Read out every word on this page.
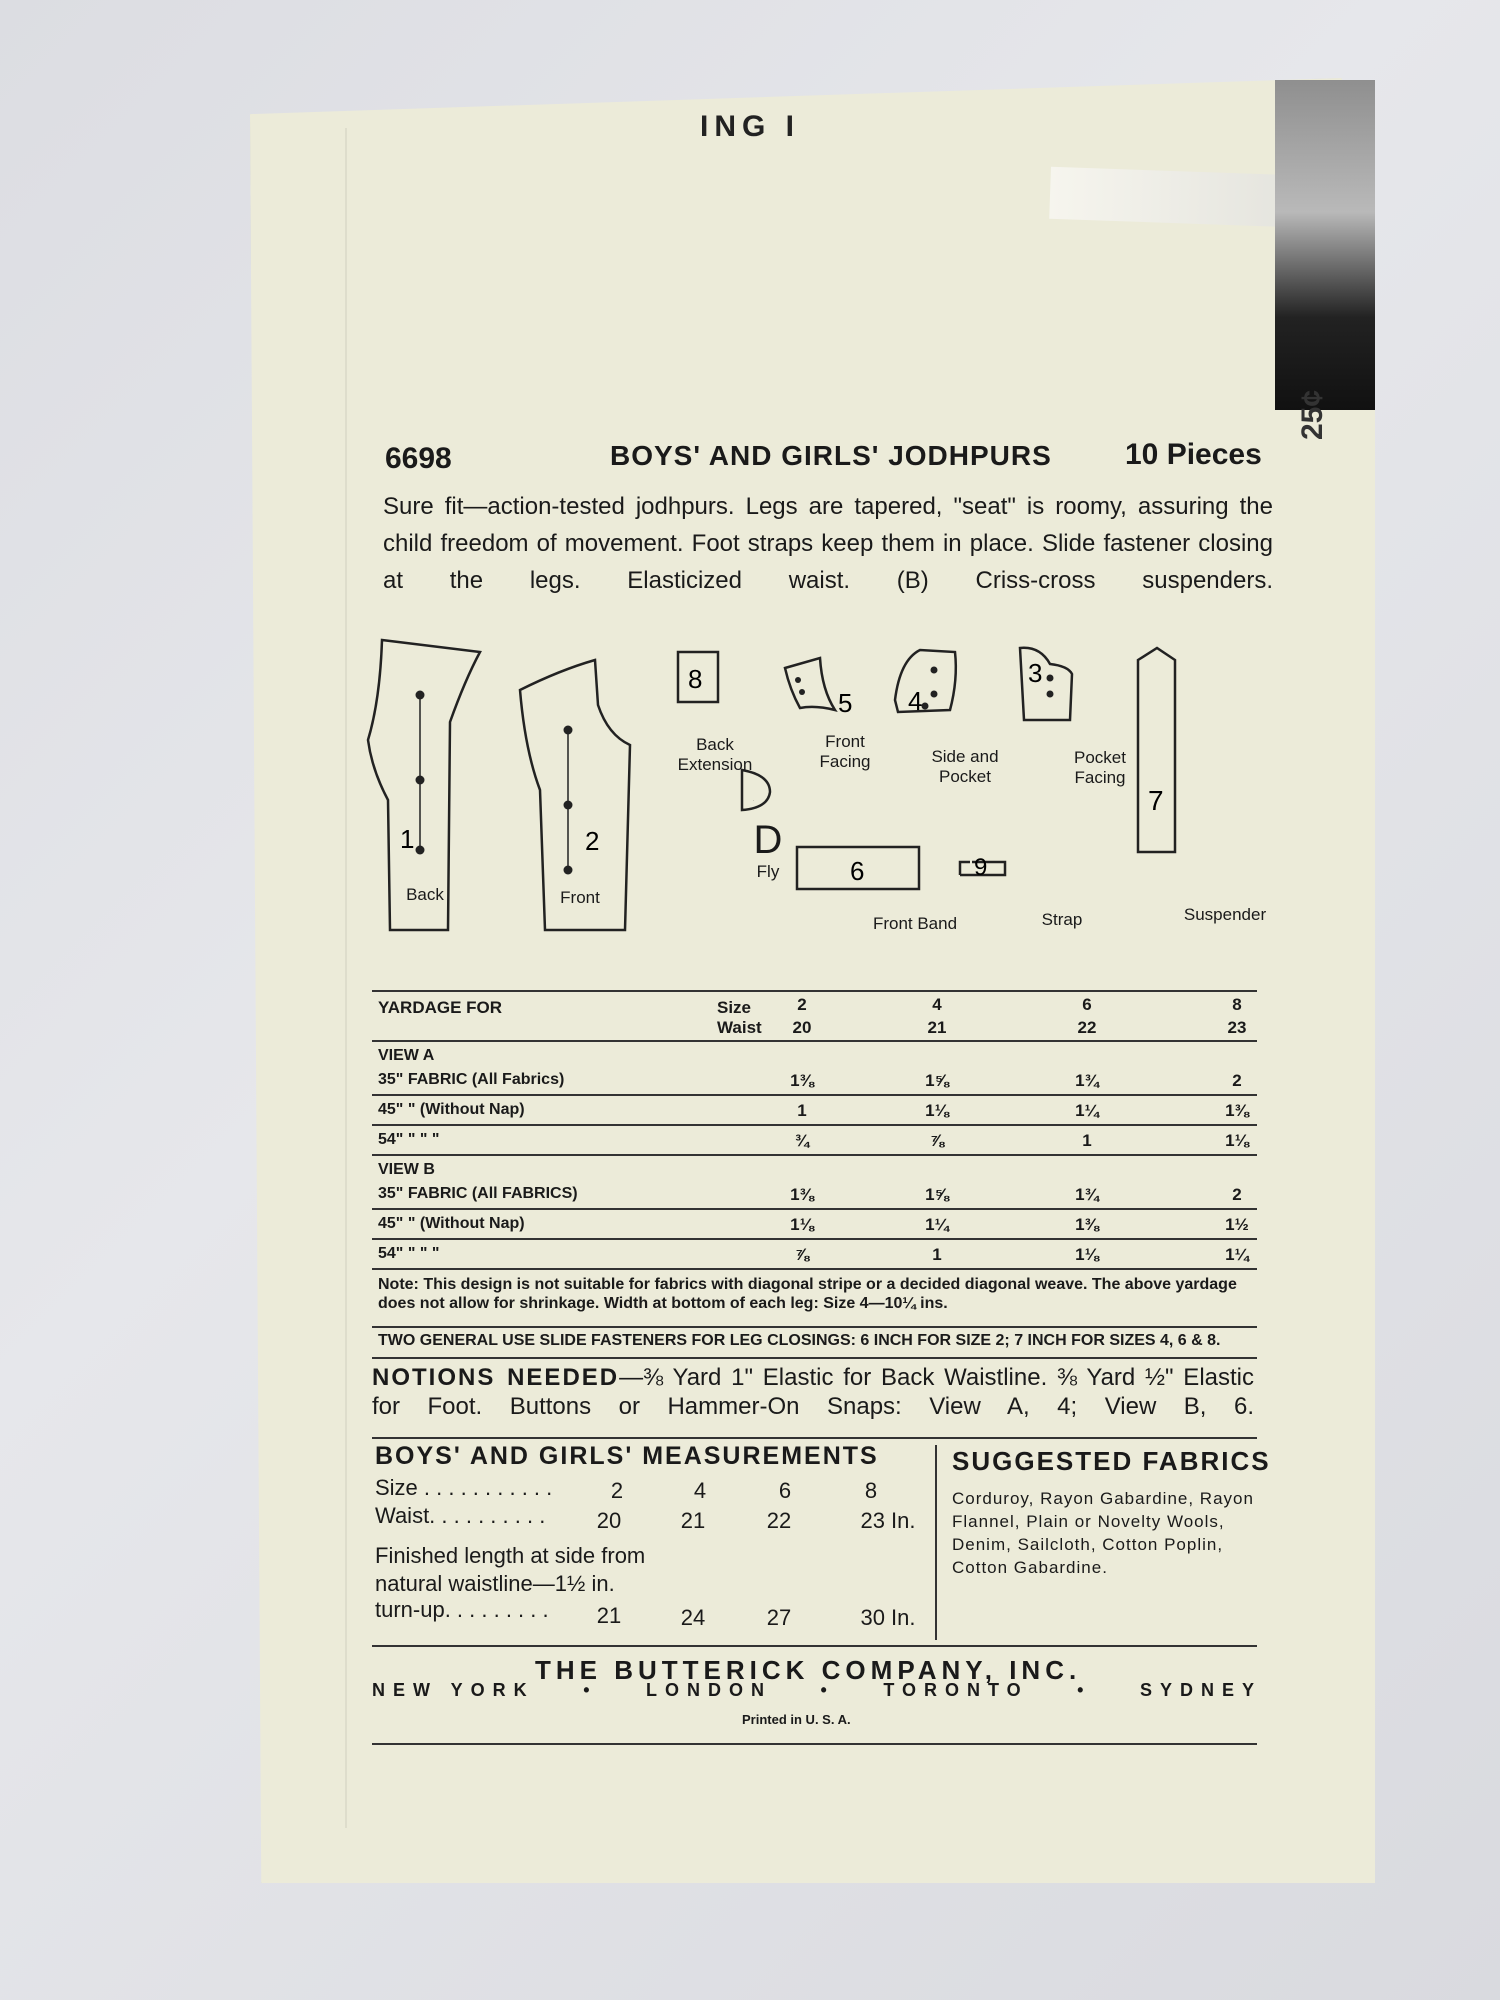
ING I
25¢
6698	BOYS' AND GIRLS' JODHPURS 10 Pieces
Sure fit—action-tested jodhpurs. Legs are tapered, "seat" is roomy, assuring the child freedom of movement. Foot straps keep them in place. Slide fastener closing at the legs. Elasticized waist. (B) Criss-cross suspenders.
1	2
8
5 4
3
7
D
6	9
Back	Front
Back Extension
Front Facing	Side and Pocket
Pocket Facing
Suspender
Fly
Front Band	Strap
D
YARDAGE FOR	Size
Waist
2	4	6	8
20	21	22	23
VIEW A
35" FABRIC (All Fabrics)	1⅜	1⅝	1¾	2
45" " (Without Nap)	1	1⅛	1¼	1⅜
54" " " "	¾	⅞	1	1⅛
VIEW B
35" FABRIC (All FABRICS)	1⅜	1⅝	1¾	2
45" " (Without Nap)	1⅛	1¼	1⅜	1½
54" " " "	⅞	1	1⅛	1¼
Note: This design is not suitable for fabrics with diagonal stripe or a decided diagonal weave. The above yardage does not allow for shrinkage. Width at bottom of each leg: Size 4—10¼ ins.
TWO GENERAL USE SLIDE FASTENERS FOR LEG CLOSINGS: 6 INCH FOR SIZE 2; 7 INCH FOR SIZES 4, 6 & 8.
NOTIONS NEEDED—⅜ Yard 1" Elastic for Back Waistline. ⅜ Yard ½" Elastic for Foot. Buttons or Hammer-On Snaps: View A, 4; View B, 6.
BOYS' AND GIRLS' MEASUREMENTS
Size . . . . . . . . . . .	2	4	6	8
Waist. . . . . . . . . .	20	21	22	23 In.
Finished length at side from
natural waistline—1½ in.
turn-up. . . . . . . . .	21	24	27	30 In.
SUGGESTED FABRICS
Corduroy, Rayon Gabardine, Rayon Flannel, Plain or Novelty Wools, Denim, Sailcloth, Cotton Poplin, Cotton Gabardine.
THE BUTTERICK COMPANY, INC.
NEW YORK	•	LONDON	•	TORONTO	•	SYDNEY
Printed in U. S. A.
